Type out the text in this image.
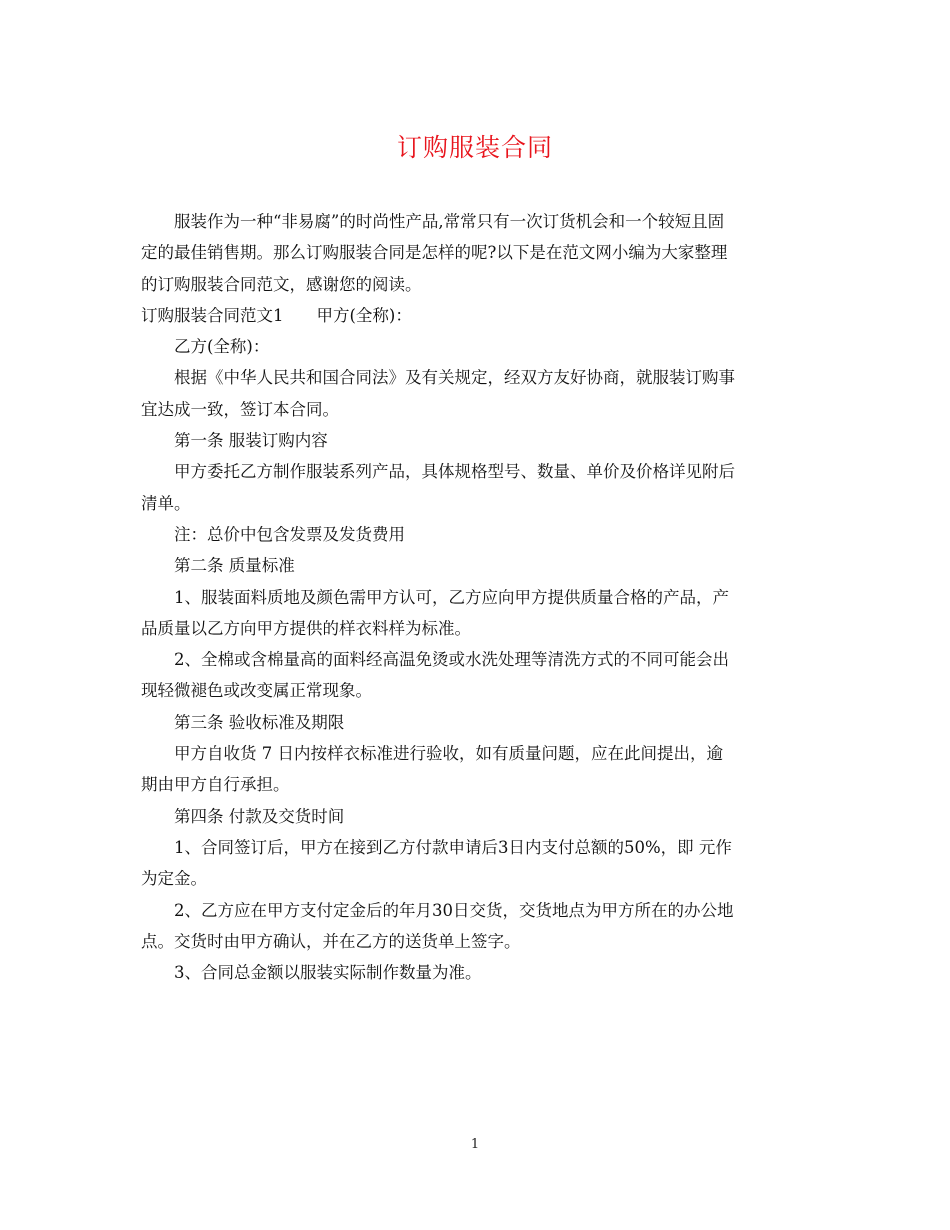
订购服装合同

服装作为一种“非易腐”的时尚性产品,常常只有一次订货机会和一个较短且固

定的最佳销售期。那么订购服装合同是怎样的呢?以下是在范文网小编为大家整理

的订购服装合同范文，感谢您的阅读。

订购服装合同范文1　　甲方(全称)：

乙方(全称)：

根据《中华人民共和国合同法》及有关规定，经双方友好协商，就服装订购事

宜达成一致，签订本合同。

第一条 服装订购内容

甲方委托乙方制作服装系列产品，具体规格型号、数量、单价及价格详见附后

清单。

注：总价中包含发票及发货费用

第二条 质量标准

1、服装面料质地及颜色需甲方认可，乙方应向甲方提供质量合格的产品，产

品质量以乙方向甲方提供的样衣料样为标准。

2、全棉或含棉量高的面料经高温免烫或水洗处理等清洗方式的不同可能会出

现轻微褪色或改变属正常现象。

第三条 验收标准及期限

甲方自收货 7 日内按样衣标准进行验收，如有质量问题，应在此间提出，逾

期由甲方自行承担。

第四条 付款及交货时间

1、合同签订后，甲方在接到乙方付款申请后3日内支付总额的50%，即 元作

为定金。

2、乙方应在甲方支付定金后的年月30日交货，交货地点为甲方所在的办公地

点。交货时由甲方确认，并在乙方的送货单上签字。

3、合同总金额以服装实际制作数量为准。

1
